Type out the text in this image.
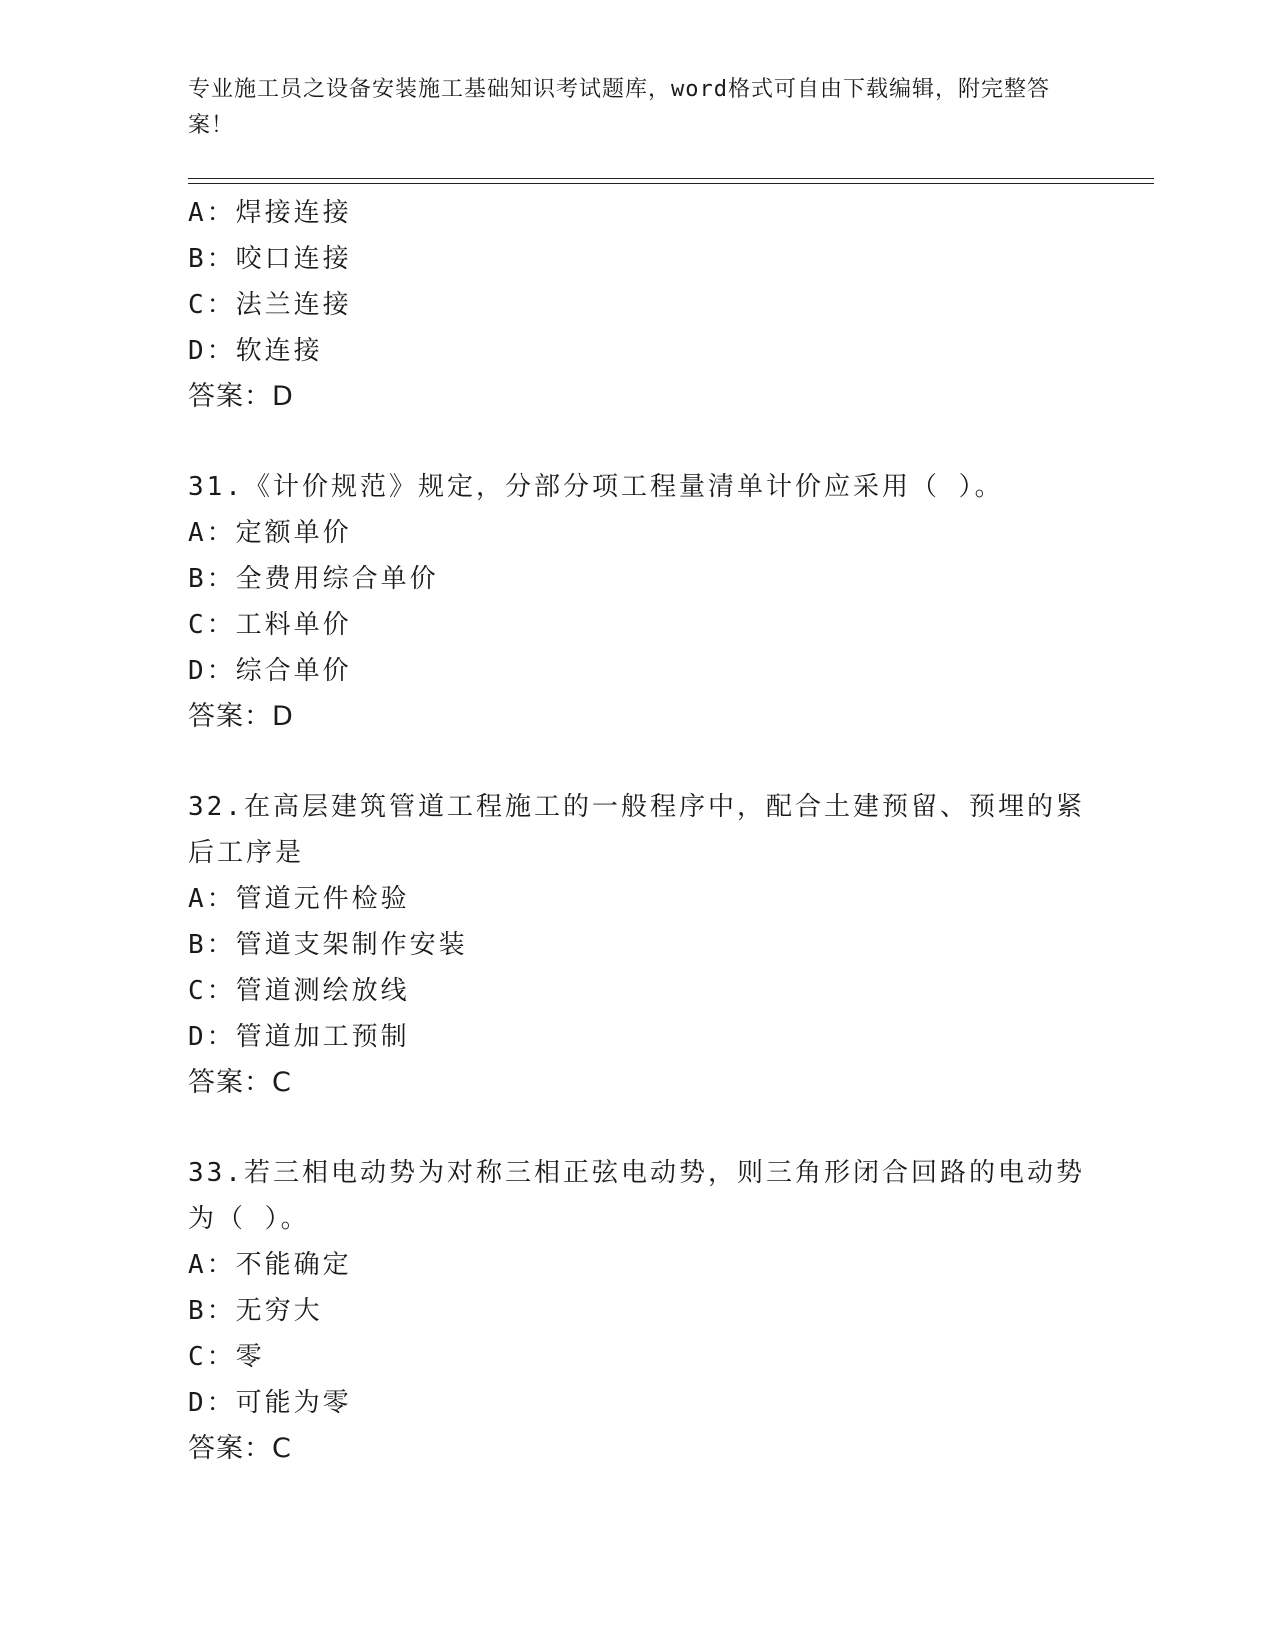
专业施工员之设备安装施工基础知识考试题库，word格式可自由下载编辑，附完整答案！
A：焊接连接
B：咬口连接
C：法兰连接
D：软连接
答案：D
31.《计价规范》规定，分部分项工程量清单计价应采用（ ）。
A：定额单价
B：全费用综合单价
C：工料单价
D：综合单价
答案：D
32.在高层建筑管道工程施工的一般程序中，配合土建预留、预埋的紧后工序是
A：管道元件检验
B：管道支架制作安装
C：管道测绘放线
D：管道加工预制
答案：C
33.若三相电动势为对称三相正弦电动势，则三角形闭合回路的电动势为（ ）。
A：不能确定
B：无穷大
C：零
D：可能为零
答案：C
